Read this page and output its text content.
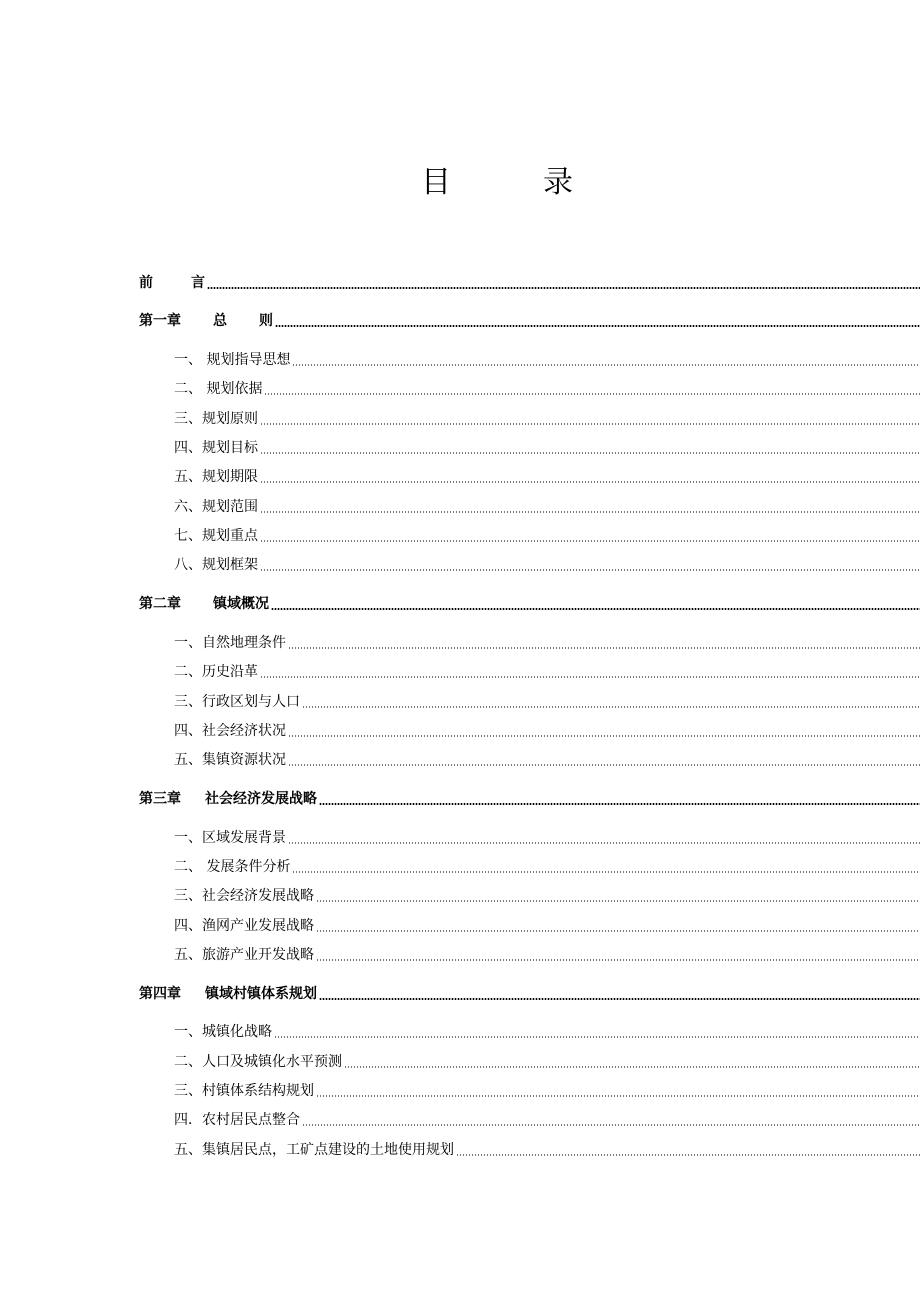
目	录
前	言
第一章 总 则
一、 规划指导思想
二、 规划依据
三、规划原则
四、规划目标
五、规划期限
六、规划范围
七、规划重点
八、规划框架
第二章 镇域概况
一、自然地理条件
二、历史沿革
三、行政区划与人口
四、社会经济状况
五、集镇资源状况
第三章 社会经济发展战略
一、区域发展背景
二、 发展条件分析
三、社会经济发展战略
四、渔网产业发展战略
五、旅游产业开发战略
第四章 镇域村镇体系规划
一、城镇化战略
二、人口及城镇化水平预测
三、村镇体系结构规划
四．农村居民点整合
五、集镇居民点，工矿点建设的土地使用规划
